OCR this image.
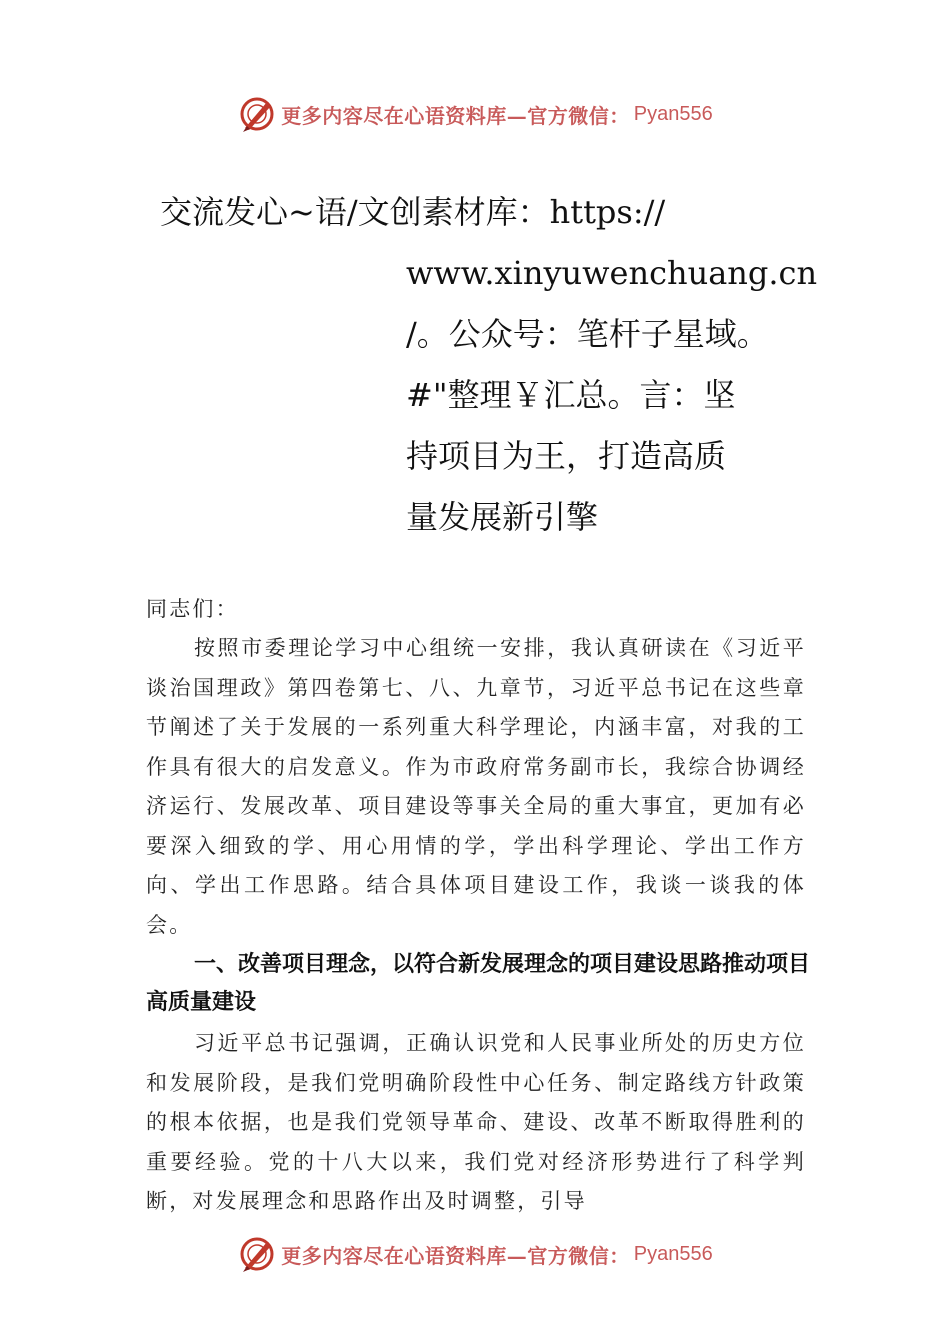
更多内容尽在心语资料库—官方微信： Pyan556
交流发心~语/文创素材库：https://
www.xinyuwenchuang.cn
/。公众号：笔杆子星域。
#"整理￥汇总。言：坚
持项目为王，打造高质
量发展新引擎
同志们：
按照市委理论学习中心组统一安排，我认真研读在《习近平谈治国理政》第四卷第七、八、九章节，习近平总书记在这些章节阐述了关于发展的一系列重大科学理论，内涵丰富，对我的工作具有很大的启发意义。作为市政府常务副市长，我综合协调经济运行、发展改革、项目建设等事关全局的重大事宜，更加有必要深入细致的学、用心用情的学，学出科学理论、学出工作方向、学出工作思路。结合具体项目建设工作，我谈一谈我的体会。
一、改善项目理念，以符合新发展理念的项目建设思路推动项目高质量建设
习近平总书记强调，正确认识党和人民事业所处的历史方位和发展阶段，是我们党明确阶段性中心任务、制定路线方针政策的根本依据，也是我们党领导革命、建设、改革不断取得胜利的重要经验。党的十八大以来，我们党对经济形势进行了科学判断，对发展理念和思路作出及时调整，引导
更多内容尽在心语资料库—官方微信： Pyan556
